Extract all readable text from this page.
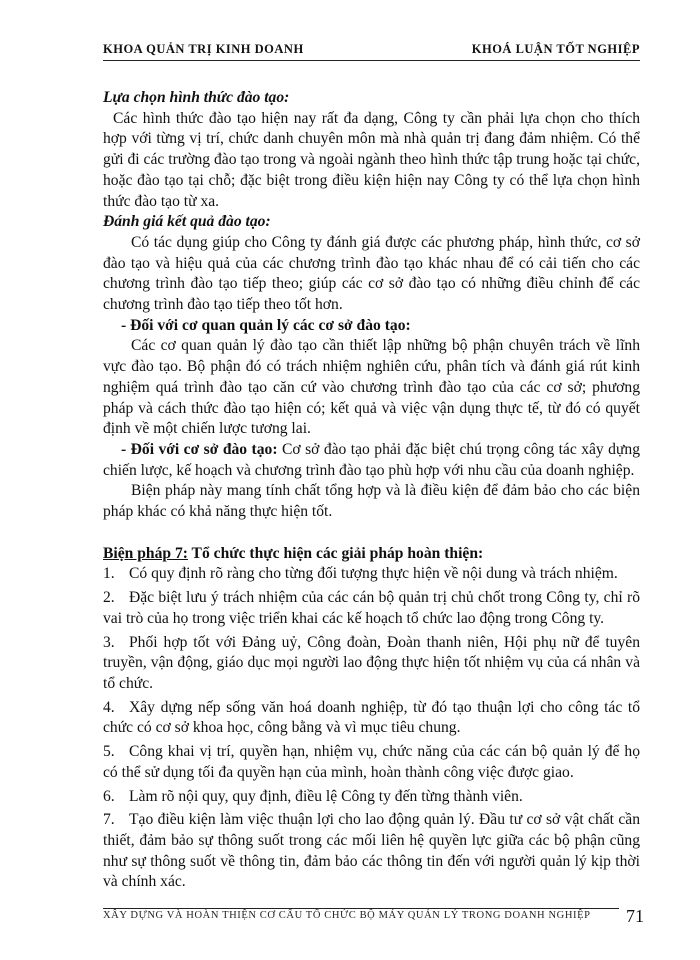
KHOA QUẢN TRỊ KINH DOANH	KHOÁ LUẬN TỐT NGHIỆP

Lựa chọn hình thức đào tạo:

Các hình thức đào tạo hiện nay rất đa dạng, Công ty cần phải lựa chọn cho thích hợp với từng vị trí, chức danh chuyên môn mà nhà quản trị đang đảm nhiệm. Có thể gửi đi các trường đào tạo trong và ngoài ngành theo hình thức tập trung hoặc tại chức, hoặc đào tạo tại chỗ; đặc biệt trong điều kiện hiện nay Công ty có thể lựa chọn hình thức đào tạo từ xa.

Đánh giá kết quả đào tạo:

Có tác dụng giúp cho Công ty đánh giá được các phương pháp, hình thức, cơ sở đào tạo và hiệu quả của các chương trình đào tạo khác nhau để có cải tiến cho các chương trình đào tạo tiếp theo; giúp các cơ sở đào tạo có những điều chỉnh để các chương trình đào tạo tiếp theo tốt hơn.

- Đối với cơ quan quản lý các cơ sở đào tạo:

Các cơ quan quản lý đào tạo cần thiết lập những bộ phận chuyên trách về lĩnh vực đào tạo. Bộ phận đó có trách nhiệm nghiên cứu, phân tích và đánh giá rút kinh nghiệm quá trình đào tạo căn cứ vào chương trình đào tạo của các cơ sở; phương pháp và cách thức đào tạo hiện có; kết quả và việc vận dụng thực tế, từ đó có quyết định về một chiến lược tương lai.

- Đối với cơ sở đào tạo: Cơ sở đào tạo phải đặc biệt chú trọng công tác xây dựng chiến lược, kế hoạch và chương trình đào tạo phù hợp với nhu cầu của doanh nghiệp.

Biện pháp này mang tính chất tổng hợp và là điều kiện để đảm bảo cho các biện pháp khác có khả năng thực hiện tốt.

Biện pháp 7: Tổ chức thực hiện các giải pháp hoàn thiện:

1. Có quy định rõ ràng cho từng đối tượng thực hiện về nội dung và trách nhiệm.
2. Đặc biệt lưu ý trách nhiệm của các cán bộ quản trị chủ chốt trong Công ty, chỉ rõ vai trò của họ trong việc triển khai các kế hoạch tổ chức lao động trong Công ty.
3. Phối hợp tốt với Đảng uỷ, Công đoàn, Đoàn thanh niên, Hội phụ nữ để tuyên truyền, vận động, giáo dục mọi người lao động thực hiện tốt nhiệm vụ của cá nhân và tổ chức.
4. Xây dựng nếp sống văn hoá doanh nghiệp, từ đó tạo thuận lợi cho công tác tổ chức có cơ sở khoa học, công bằng và vì mục tiêu chung.
5. Công khai vị trí, quyền hạn, nhiệm vụ, chức năng của các cán bộ quản lý để họ có thể sử dụng tối đa quyền hạn của mình, hoàn thành công việc được giao.
6. Làm rõ nội quy, quy định, điều lệ Công ty đến từng thành viên.
7. Tạo điều kiện làm việc thuận lợi cho lao động quản lý. Đầu tư cơ sở vật chất cần thiết, đảm bảo sự thông suốt trong các mối liên hệ quyền lực giữa các bộ phận cũng như sự thông suốt về thông tin, đảm bảo các thông tin đến với người quản lý kịp thời và chính xác.
XÂY DỰNG VÀ HOÀN THIỆN CƠ CẤU TỔ CHỨC BỘ MÁY QUẢN LÝ TRONG DOANH NGHIỆP	71
